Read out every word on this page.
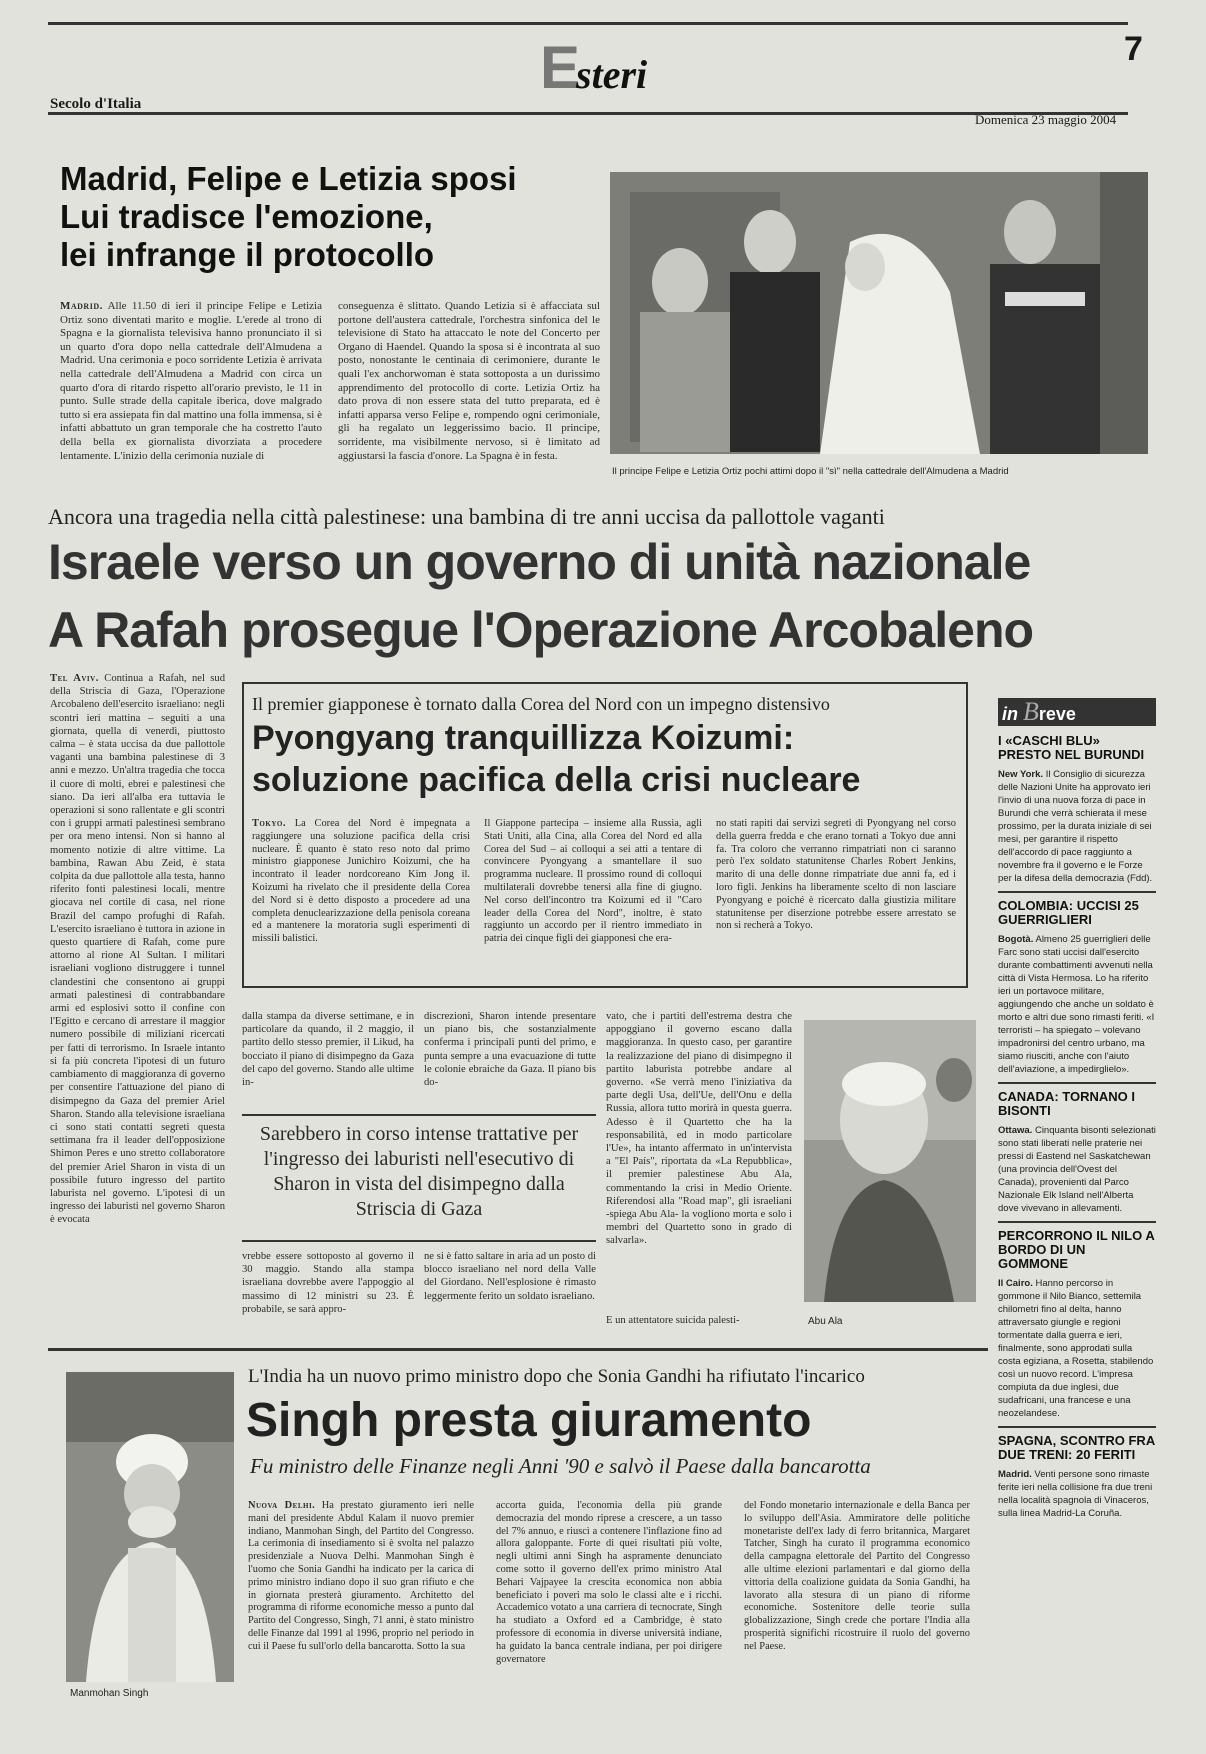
Esteri
7
Secolo d'Italia
Domenica 23 maggio 2004
Madrid, Felipe e Letizia sposi
Lui tradisce l'emozione,
lei infrange il protocollo

Madrid. Alle 11.50 di ieri il principe Felipe e Letizia Ortiz sono diventati marito e moglie. L'erede al trono di Spagna e la giornalista televisiva hanno pronunciato il sì un quarto d'ora dopo nella cattedrale dell'Almudena a Madrid. Una cerimonia e poco sorridente Letizia è arrivata nella cattedrale dell'Almudena a Madrid con circa un quarto d'ora di ritardo rispetto all'orario previsto, le 11 in punto. Sulle strade della capitale iberica, dove malgrado tutto si era assiepata fin dal mattino una folla immensa, si è infatti abbattuto un gran temporale che ha costretto l'auto della bella ex giornalista divorziata a procedere lentamente. L'inizio della cerimonia nuziale di

conseguenza è slittato. Quando Letizia si è affacciata sul portone dell'austera cattedrale, l'orchestra sinfonica del le televisione di Stato ha attaccato le note del Concerto per Organo di Haendel. Quando la sposa si è incontrata al suo posto, nonostante le centinaia di cerimoniere, durante le quali l'ex anchorwoman è stata sottoposta a un durissimo apprendimento del protocollo di corte. Letizia Ortiz ha dato prova di non essere stata del tutto preparata, ed è infatti apparsa verso Felipe e, rompendo ogni cerimoniale, gli ha regalato un leggerissimo bacio. Il principe, sorridente, ma visibilmente nervoso, si è limitato ad aggiustarsi la fascia d'onore. La Spagna è in festa.

Il principe Felipe e Letizia Ortiz pochi attimi dopo il "sì" nella cattedrale dell'Almudena a Madrid
Ancora una tragedia nella città palestinese: una bambina di tre anni uccisa da pallottole vaganti
Israele verso un governo di unità nazionale
A Rafah prosegue l'Operazione Arcobaleno

Tel Aviv. Continua a Rafah, nel sud della Striscia di Gaza, l'Operazione Arcobaleno dell'esercito israeliano: negli scontri ieri mattina – seguiti a una giornata, quella di venerdì, piuttosto calma – è stata uccisa da due pallottole vaganti una bambina palestinese di 3 anni e mezzo. Un'altra tragedia che tocca il cuore di molti, ebrei e palestinesi che siano. Da ieri all'alba era tuttavia le operazioni si sono rallentate e gli scontri con i gruppi armati palestinesi sembrano per ora meno intensi. Non si hanno al momento notizie di altre vittime. La bambina, Rawan Abu Zeid, è stata colpita da due pallottole alla testa, hanno riferito fonti palestinesi locali, mentre giocava nel cortile di casa, nel rione Brazil del campo profughi di Rafah. L'esercito israeliano è tuttora in azione in questo quartiere di Rafah, come pure attorno al rione Al Sultan. I militari israeliani vogliono distruggere i tunnel clandestini che consentono ai gruppi armati palestinesi di contrabbandare armi ed esplosivi sotto il confine con l'Egitto e cercano di arrestare il maggior numero possibile di miliziani ricercati per fatti di terrorismo. In Israele intanto si fa più concreta l'ipotesi di un futuro cambiamento di maggioranza di governo per consentire l'attuazione del piano di disimpegno da Gaza del premier Ariel Sharon. Stando alla televisione israeliana ci sono stati contatti segreti questa settimana fra il leader dell'opposizione Shimon Peres e uno stretto collaboratore del premier Ariel Sharon in vista di un possibile futuro ingresso del partito laburista nel governo. L'ipotesi di un ingresso dei laburisti nel governo Sharon è evocata

Il premier giapponese è tornato dalla Corea del Nord con un impegno distensivo
Pyongyang tranquillizza Koizumi:
soluzione pacifica della crisi nucleare

Tokyo. La Corea del Nord è impegnata a raggiungere una soluzione pacifica della crisi nucleare. È quanto è stato reso noto dal primo ministro giapponese Junichiro Koizumi, che ha incontrato il leader nordcoreano Kim Jong il. Koizumi ha rivelato che il presidente della Corea del Nord si è detto disposto a procedere ad una completa denuclearizzazione della penisola coreana ed a mantenere la moratoria sugli esperimenti di missili balistici.

Il Giappone partecipa – insieme alla Russia, agli Stati Uniti, alla Cina, alla Corea del Nord ed alla Corea del Sud – ai colloqui a sei atti a tentare di convincere Pyongyang a smantellare il suo programma nucleare. Il prossimo round di colloqui multilaterali dovrebbe tenersi alla fine di giugno. Nel corso dell'incontro tra Koizumi ed il "Caro leader della Corea del Nord", inoltre, è stato raggiunto un accordo per il rientro immediato in patria dei cinque figli dei giapponesi che era-

no stati rapiti dai servizi segreti di Pyongyang nel corso della guerra fredda e che erano tornati a Tokyo due anni fa. Tra coloro che verranno rimpatriati non ci saranno però l'ex soldato statunitense Charles Robert Jenkins, marito di una delle donne rimpatriate due anni fa, ed i loro figli. Jenkins ha liberamente scelto di non lasciare Pyongyang e poiché è ricercato dalla giustizia militare statunitense per diserzione potrebbe essere arrestato se non si recherà a Tokyo.

dalla stampa da diverse settimane, e in particolare da quando, il 2 maggio, il partito dello stesso premier, il Likud, ha bocciato il piano di disimpegno da Gaza del capo del governo. Stando alle ultime in-

discrezioni, Sharon intende presentare un piano bis, che sostanzialmente conferma i principali punti del primo, e punta sempre a una evacuazione di tutte le colonie ebraiche da Gaza. Il piano bis do-

vato, che i partiti dell'estrema destra che appoggiano il governo escano dalla maggioranza. In questo caso, per garantire la realizzazione del piano di disimpegno il partito laburista potrebbe andare al governo. «Se verrà meno l'iniziativa da parte degli Usa, dell'Ue, dell'Onu e della Russia, allora tutto morirà in questa guerra. Adesso è il Quartetto che ha la responsabilità, ed in modo particolare l'Ue», ha intanto affermato in un'intervista a "El País", riportata da «La Repubblica», il premier palestinese Abu Ala, commentando la crisi in Medio Oriente. Riferendosi alla "Road map", gli israeliani -spiega Abu Ala- la vogliono morta e solo i membri del Quartetto sono in grado di salvarla».

E un attentatore suicida palesti-

Sarebbero in corso intense trattative per l'ingresso dei laburisti nell'esecutivo di Sharon in vista del disimpegno dalla Striscia di Gaza

vrebbe essere sottoposto al governo il 30 maggio. Stando alla stampa israeliana dovrebbe avere l'appoggio al massimo di 12 ministri su 23. È probabile, se sarà appro-

ne si è fatto saltare in aria ad un posto di blocco israeliano nel nord della Valle del Giordano. Nell'esplosione è rimasto leggermente ferito un soldato israeliano.

Abu Ala
in Breve
I «CASCHI BLU» PRESTO NEL BURUNDI
New York. Il Consiglio di sicurezza delle Nazioni Unite ha approvato ieri l'invio di una nuova forza di pace in Burundi che verrà schierata il mese prossimo, per la durata iniziale di sei mesi, per garantire il rispetto dell'accordo di pace raggiunto a novembre fra il governo e le Forze per la difesa della democrazia (Fdd).
COLOMBIA: UCCISI 25 GUERRIGLIERI
Bogotà. Almeno 25 guerriglieri delle Farc sono stati uccisi dall'esercito durante combattimenti avvenuti nella città di Vista Hermosa. Lo ha riferito ieri un portavoce militare, aggiungendo che anche un soldato è morto e altri due sono rimasti feriti. «I terroristi – ha spiegato – volevano impadronirsi del centro urbano, ma siamo riusciti, anche con l'aiuto dell'aviazione, a impedirglielo».
CANADA: TORNANO I BISONTI
Ottawa. Cinquanta bisonti selezionati sono stati liberati nelle praterie nei pressi di Eastend nel Saskatchewan (una provincia dell'Ovest del Canada), provenienti dal Parco Nazionale Elk Island nell'Alberta dove vivevano in allevamenti.
PERCORRONO IL NILO A BORDO DI UN GOMMONE
Il Cairo. Hanno percorso in gommone il Nilo Bianco, settemila chilometri fino al delta, hanno attraversato giungle e regioni tormentate dalla guerra e ieri, finalmente, sono approdati sulla costa egiziana, a Rosetta, stabilendo così un nuovo record. L'impresa compiuta da due inglesi, due sudafricani, una francese e una neozelandese.
SPAGNA, SCONTRO FRA DUE TRENI: 20 FERITI
Madrid. Venti persone sono rimaste ferite ieri nella collisione fra due treni nella località spagnola di Vinaceros, sulla linea Madrid-La Coruña.
Manmohan Singh
L'India ha un nuovo primo ministro dopo che Sonia Gandhi ha rifiutato l'incarico
Singh presta giuramento
Fu ministro delle Finanze negli Anni '90 e salvò il Paese dalla bancarotta

Nuova Delhi. Ha prestato giuramento ieri nelle mani del presidente Abdul Kalam il nuovo premier indiano, Manmohan Singh, del Partito del Congresso. La cerimonia di insediamento si è svolta nel palazzo presidenziale a Nuova Delhi. Manmohan Singh è l'uomo che Sonia Gandhi ha indicato per la carica di primo ministro indiano dopo il suo gran rifiuto e che in giornata presterà giuramento. Architetto del programma di riforme economiche messo a punto dal Partito del Congresso, Singh, 71 anni, è stato ministro delle Finanze dal 1991 al 1996, proprio nel periodo in cui il Paese fu sull'orlo della bancarotta. Sotto la sua

accorta guida, l'economia della più grande democrazia del mondo riprese a crescere, a un tasso del 7% annuo, e riuscì a contenere l'inflazione fino ad allora galoppante. Forte di quei risultati più volte, negli ultimi anni Singh ha aspramente denunciato come sotto il governo dell'ex primo ministro Atal Behari Vajpayee la crescita economica non abbia beneficiato i poveri ma solo le classi alte e i ricchi. Accademico votato a una carriera di tecnocrate, Singh ha studiato a Oxford ed a Cambridge, è stato professore di economia in diverse università indiane, ha guidato la banca centrale indiana, per poi dirigere governatore

del Fondo monetario internazionale e della Banca per lo sviluppo dell'Asia. Ammiratore delle politiche monetariste dell'ex lady di ferro britannica, Margaret Tatcher, Singh ha curato il programma economico della campagna elettorale del Partito del Congresso alle ultime elezioni parlamentari e dal giorno della vittoria della coalizione guidata da Sonia Gandhi, ha lavorato alla stesura di un piano di riforme economiche. Sostenitore delle teorie sulla globalizzazione, Singh crede che portare l'India alla prosperità significhi ricostruire il ruolo del governo nel Paese.
